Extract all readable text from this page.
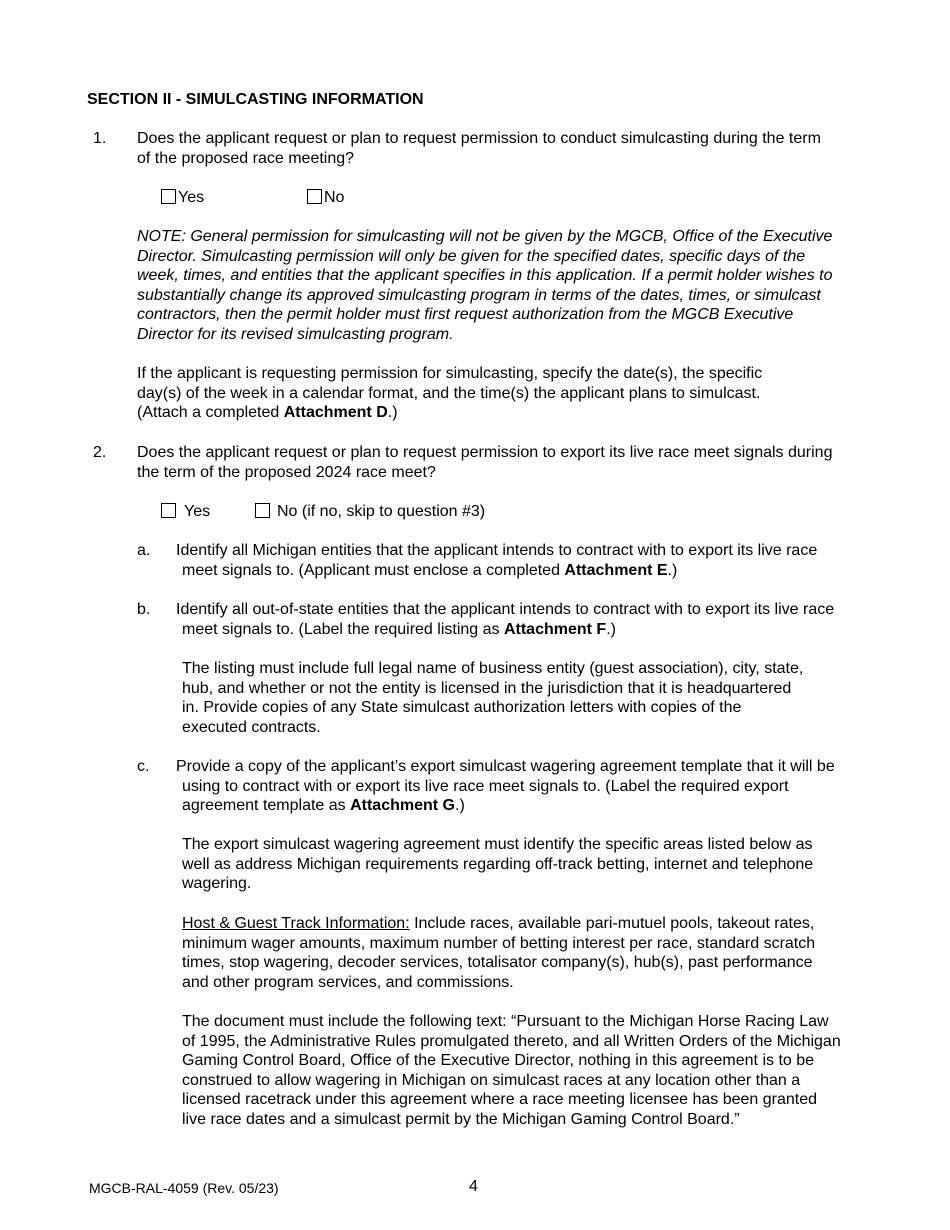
SECTION II - SIMULCASTING INFORMATION
1. Does the applicant request or plan to request permission to conduct simulcasting during the term of the proposed race meeting?
Yes	No
NOTE: General permission for simulcasting will not be given by the MGCB, Office of the Executive Director. Simulcasting permission will only be given for the specified dates, specific days of the week, times, and entities that the applicant specifies in this application. If a permit holder wishes to substantially change its approved simulcasting program in terms of the dates, times, or simulcast contractors, then the permit holder must first request authorization from the MGCB Executive Director for its revised simulcasting program.
If the applicant is requesting permission for simulcasting, specify the date(s), the specific day(s) of the week in a calendar format, and the time(s) the applicant plans to simulcast. (Attach a completed Attachment D.)
2. Does the applicant request or plan to request permission to export its live race meet signals during the term of the proposed 2024 race meet?
Yes	No (if no, skip to question #3)
a. Identify all Michigan entities that the applicant intends to contract with to export its live race meet signals to. (Applicant must enclose a completed Attachment E.)
b. Identify all out-of-state entities that the applicant intends to contract with to export its live race meet signals to. (Label the required listing as Attachment F.)
The listing must include full legal name of business entity (guest association), city, state, hub, and whether or not the entity is licensed in the jurisdiction that it is headquartered in. Provide copies of any State simulcast authorization letters with copies of the executed contracts.
c. Provide a copy of the applicant’s export simulcast wagering agreement template that it will be using to contract with or export its live race meet signals to. (Label the required export agreement template as Attachment G.)
The export simulcast wagering agreement must identify the specific areas listed below as well as address Michigan requirements regarding off-track betting, internet and telephone wagering.
Host & Guest Track Information: Include races, available pari-mutuel pools, takeout rates, minimum wager amounts, maximum number of betting interest per race, standard scratch times, stop wagering, decoder services, totalisator company(s), hub(s), past performance and other program services, and commissions.
The document must include the following text: “Pursuant to the Michigan Horse Racing Law of 1995, the Administrative Rules promulgated thereto, and all Written Orders of the Michigan Gaming Control Board, Office of the Executive Director, nothing in this agreement is to be construed to allow wagering in Michigan on simulcast races at any location other than a licensed racetrack under this agreement where a race meeting licensee has been granted live race dates and a simulcast permit by the Michigan Gaming Control Board.”
MGCB-RAL-4059 (Rev. 05/23)	4
